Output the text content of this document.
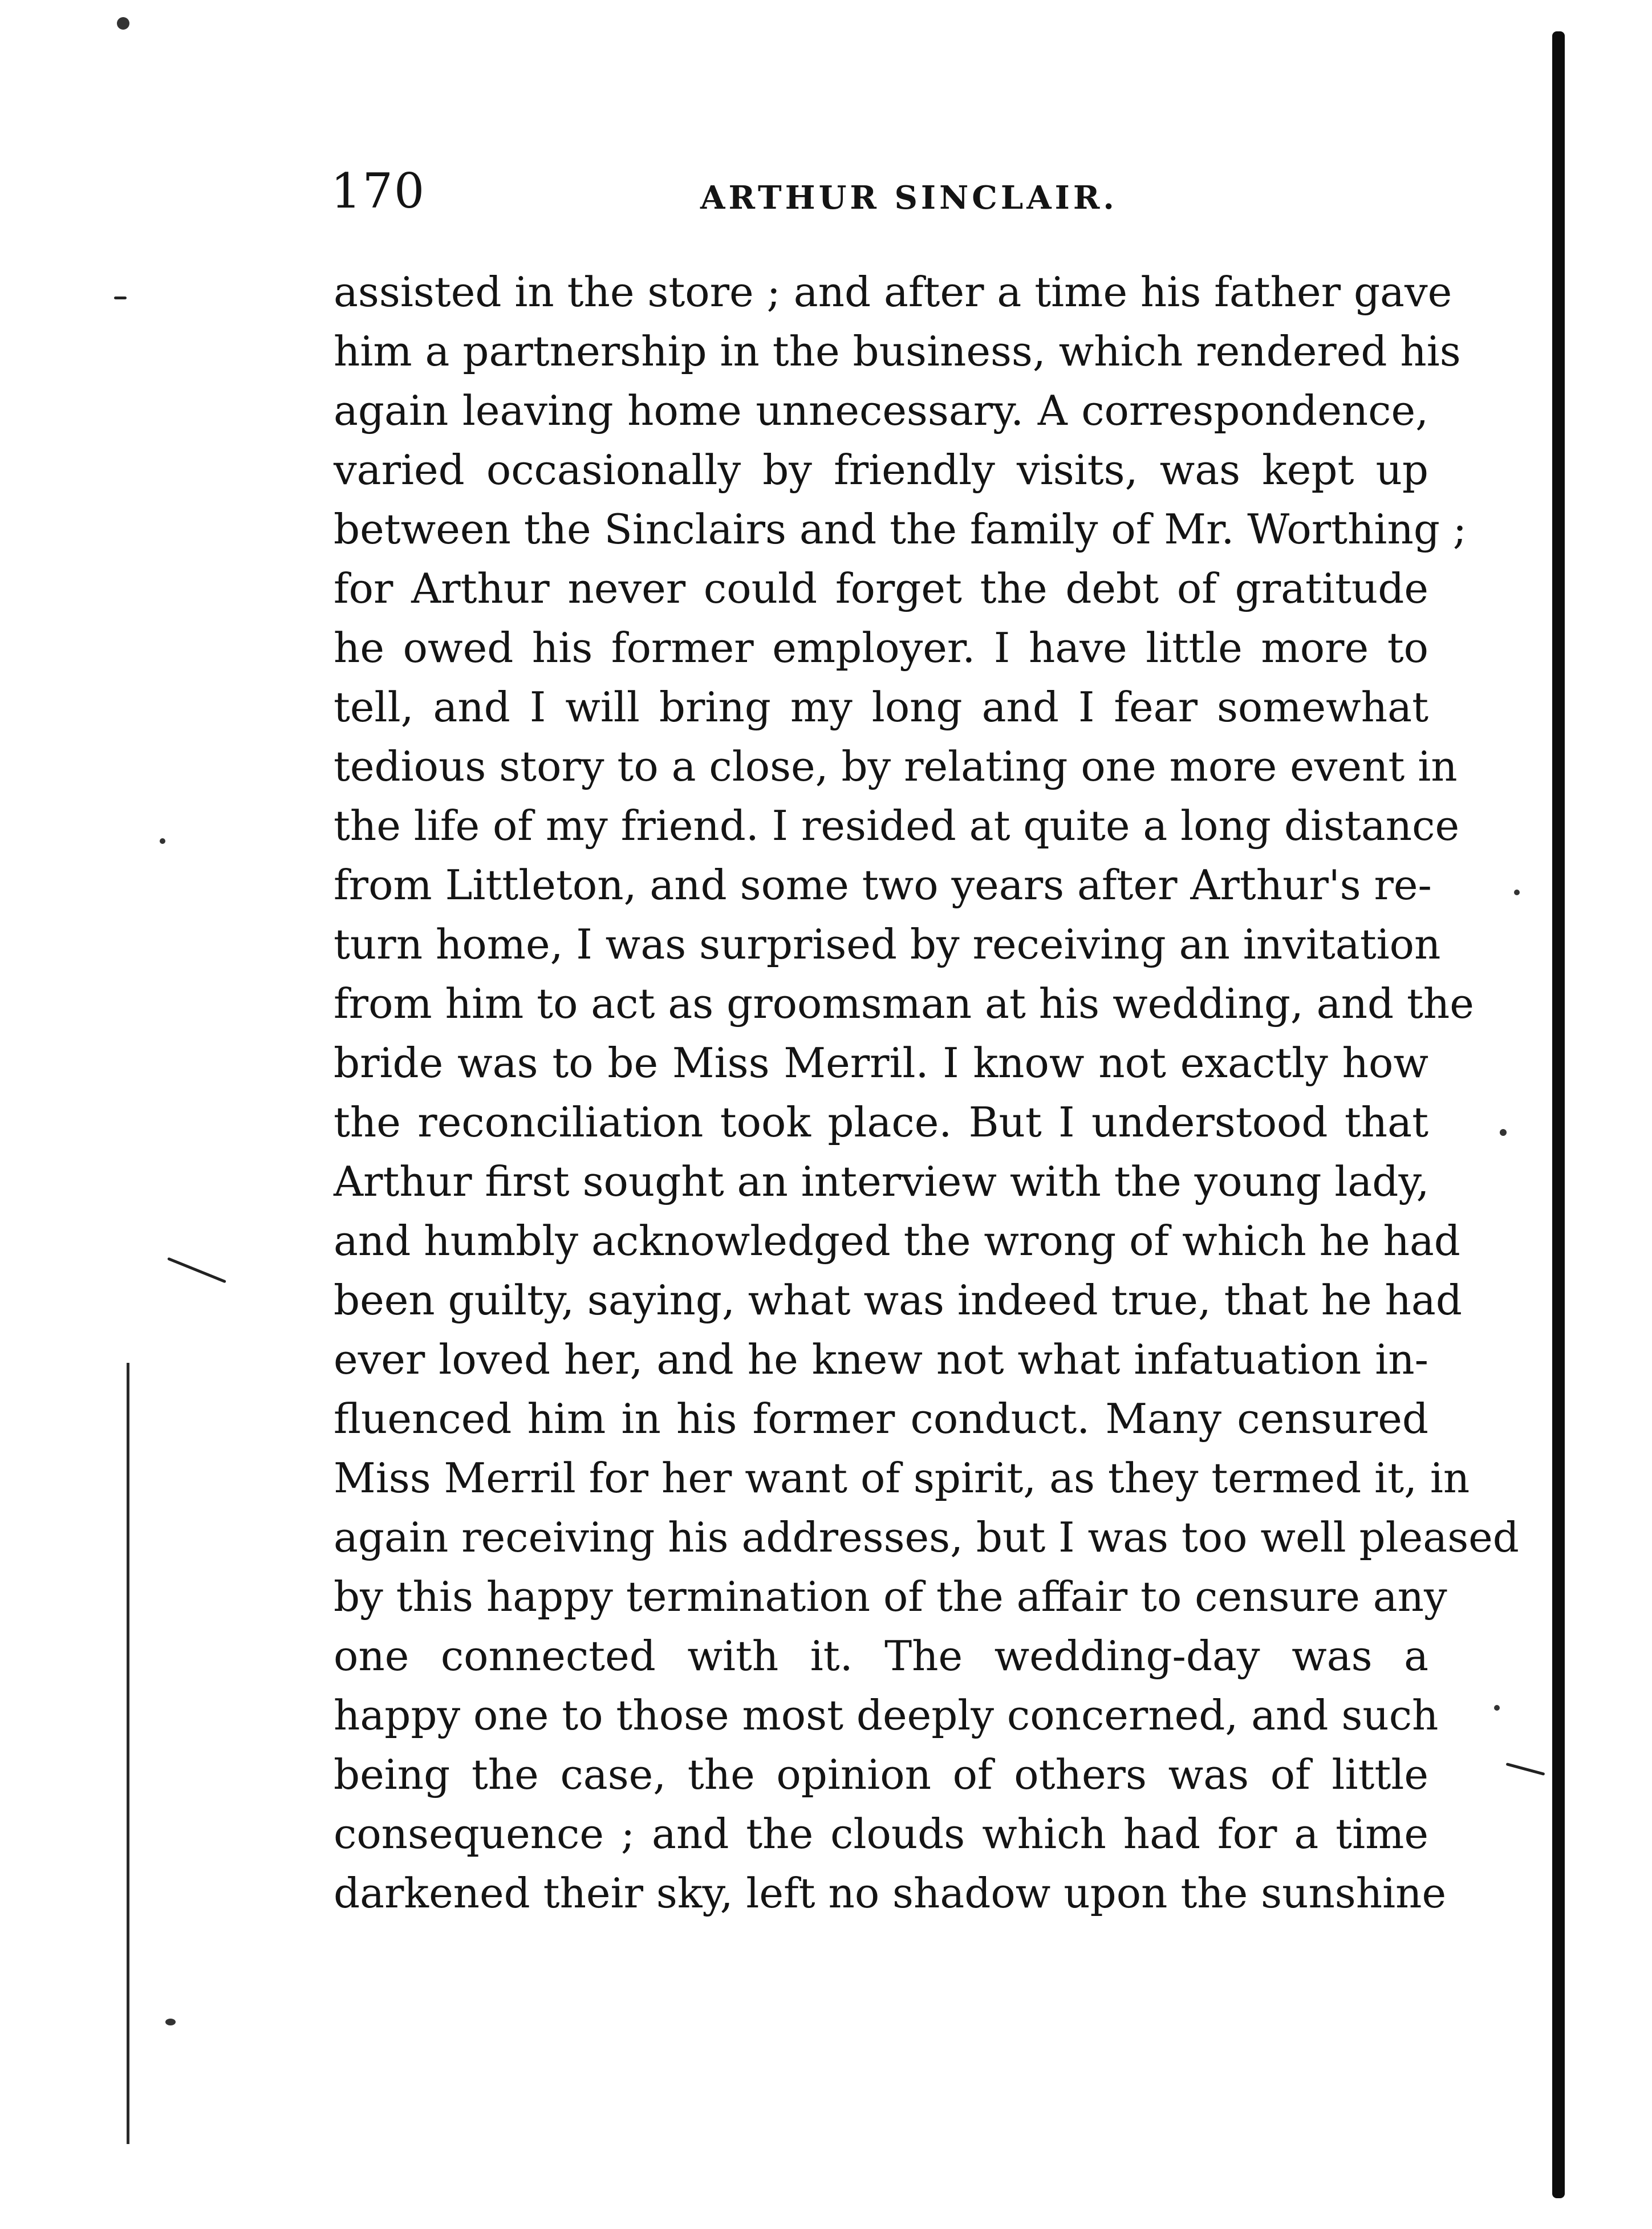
170	ARTHUR SINCLAIR.
assisted in the store ; and after a time his father gave
him a partnership in the business, which rendered his
again leaving home unnecessary. A correspondence,
varied occasionally by friendly visits, was kept up
between the Sinclairs and the family of Mr. Worthing ;
for Arthur never could forget the debt of gratitude
he owed his former employer. I have little more to
tell, and I will bring my long and I fear somewhat
tedious story to a close, by relating one more event in
the life of my friend. I resided at quite a long distance
from Littleton, and some two years after Arthur's re-
turn home, I was surprised by receiving an invitation
from him to act as groomsman at his wedding, and the
bride was to be Miss Merril. I know not exactly how
the reconciliation took place. But I understood that
Arthur first sought an interview with the young lady,
and humbly acknowledged the wrong of which he had
been guilty, saying, what was indeed true, that he had
ever loved her, and he knew not what infatuation in-
fluenced him in his former conduct. Many censured
Miss Merril for her want of spirit, as they termed it, in
again receiving his addresses, but I was too well pleased
by this happy termination of the affair to censure any
one connected with it. The wedding-day was a
happy one to those most deeply concerned, and such
being the case, the opinion of others was of little
consequence ; and the clouds which had for a time
darkened their sky, left no shadow upon the sunshine
